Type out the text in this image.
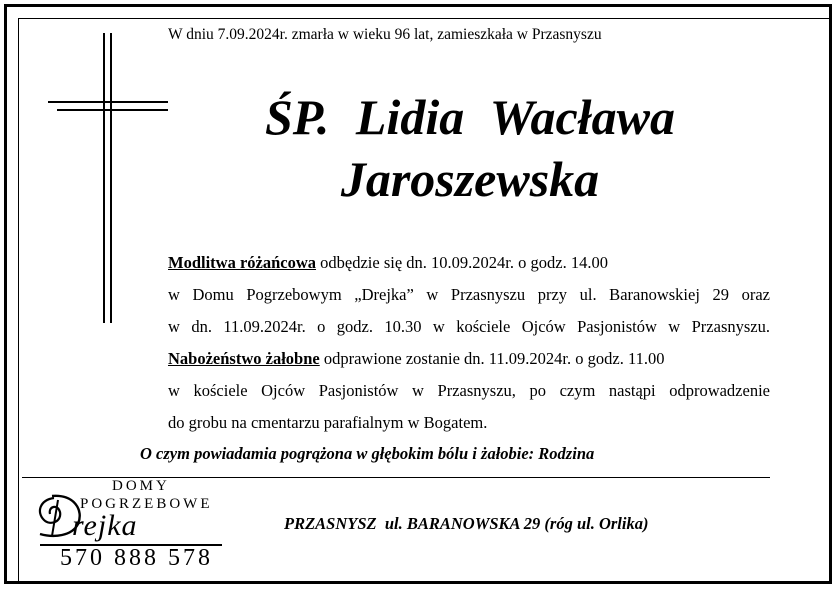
W dniu 7.09.2024r. zmarła w wieku 96 lat, zamieszkała w Przasnyszu
ŚP. Lidia Wacława
Jaroszewska
Modlitwa różańcowa odbędzie się dn. 10.09.2024r. o godz. 14.00
w Domu Pogrzebowym „Drejka” w Przasnyszu przy ul. Baranowskiej 29 oraz
w dn. 11.09.2024r. o godz. 10.30 w kościele Ojców Pasjonistów w Przasnyszu.
Nabożeństwo żałobne odprawione zostanie dn. 11.09.2024r. o godz. 11.00
w kościele Ojców Pasjonistów w Przasnyszu, po czym nastąpi odprowadzenie
do grobu na cmentarzu parafialnym w Bogatem.
O czym powiadamia pogrążona w głębokim bólu i żałobie: Rodzina
DOMY
POGRZEBOWE
rejka
570 888 578
PRZASNYSZ  ul. BARANOWSKA 29 (róg ul. Orlika)
